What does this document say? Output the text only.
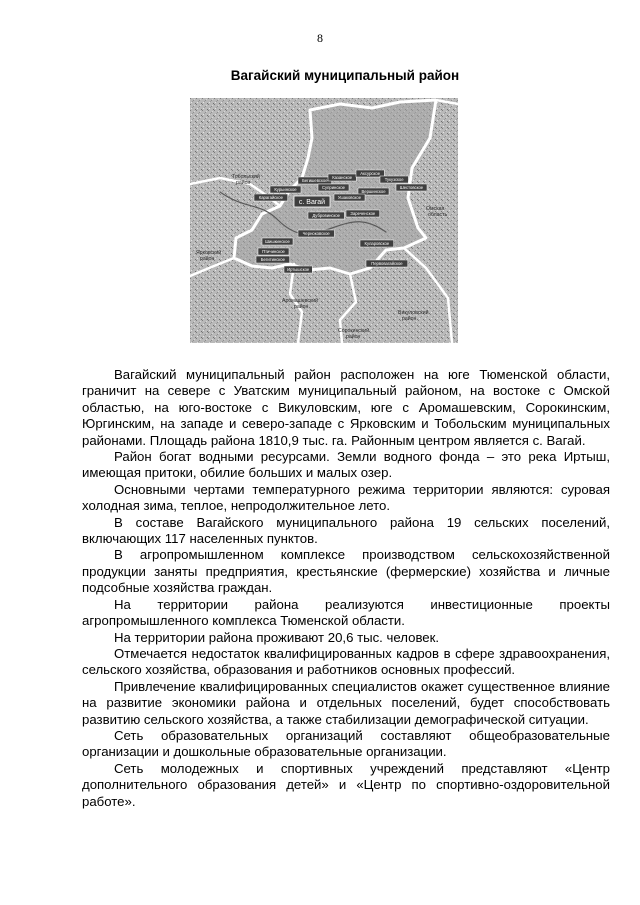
8
Вагайский муниципальный район
Тобольский район
Омская область
Ярковский район
Аромашевский район
Викуловский район
Сорокинский район
Бегишевское
Казанское
Аксурское
Тукузское
Шестовское
Курьинское	Супринское
Вершинское
Карагайское
Зареченское
Дубровинское
Ушаковское
Черноковское
Шишкинское	Куларовское
Птичинское
Иртышское
Первовагайское
Бегитинское
с. Вагай

Вагайский муниципальный район расположен на юге Тюменской области, граничит на севере с Уватским муниципальный районом, на востоке с Омской областью, на юго-востоке с Викуловским, юге с Аромашевским, Сорокинским, Юргинским, на западе и северо-западе с Ярковским и Тобольским муниципальных районами. Площадь района 1810,9 тыс. га. Районным центром является с. Вагай.

Район богат водными ресурсами. Земли водного фонда – это река Иртыш, имеющая притоки, обилие больших и малых озер.

Основными чертами температурного режима территории являются: суровая холодная зима, теплое, непродолжительное лето.

В составе Вагайского муниципального района 19 сельских поселений, включающих 117 населенных пунктов.

В агропромышленном комплексе производством сельскохозяйственной продукции заняты предприятия, крестьянские (фермерские) хозяйства и личные подсобные хозяйства граждан.

На территории района реализуются инвестиционные проекты агропромышленного комплекса Тюменской области.

На территории района проживают 20,6 тыс. человек.

Отмечается недостаток квалифицированных кадров в сфере здравоохранения, сельского хозяйства, образования и работников основных профессий.

Привлечение квалифицированных специалистов окажет существенное влияние на развитие экономики района и отдельных поселений, будет способствовать развитию сельского хозяйства, а также стабилизации демографической ситуации.

Сеть образовательных организаций составляют общеобразовательные организации и дошкольные образовательные организации.

Сеть молодежных и спортивных учреждений представляют «Центр дополнительного образования детей» и «Центр по спортивно-оздоровительной работе».
